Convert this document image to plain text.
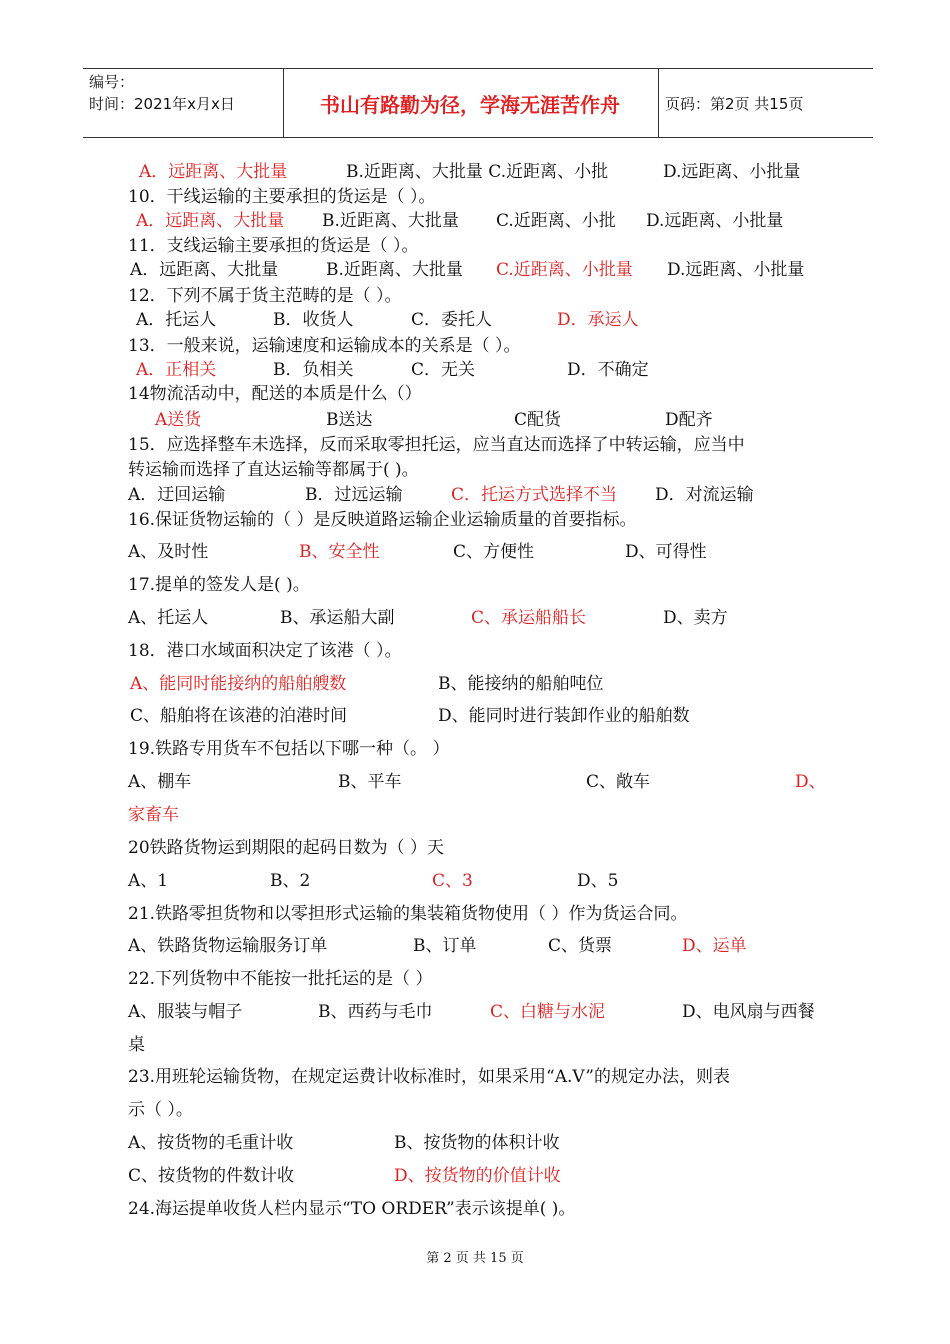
编号：
时间：2021年x月x日	书山有路勤为径，学海无涯苦作舟	页码：第2页 共15页
A．远距离、大批量	B.近距离、大批量 C.近距离、小批	D.远距离、小批量
10．干线运输的主要承担的货运是（ ）。
A．远距离、大批量 B.近距离、大批量 C.近距离、小批 D.远距离、小批量
11．支线运输主要承担的货运是（ ）。
A．远距离、大批量	B.近距离、大批量 C.近距离、小批量 D.远距离、小批量
12．下列不属于货主范畴的是（ ）。
A．托运人	B．收货人	C．委托人	D．承运人
13．一般来说，运输速度和运输成本的关系是（ ）。
A．正相关	B．负相关	C．无关	D．不确定
14物流活动中，配送的本质是什么（）
A送货	B送达	C配货	D配齐
15．应选择整车未选择，反而采取零担托运，应当直达而选择了中转运输，应当中
转运输而选择了直达运输等都属于( )。
A．迂回运输	B．过远运输	C．托运方式选择不当 D．对流运输
16.保证货物运输的（ ）是反映道路运输企业运输质量的首要指标。
A、及时性	B、安全性	C、方便性	D、可得性
17.提单的签发人是( )。
A、托运人	B、承运船大副	C、承运船船长	D、卖方
18．港口水域面积决定了该港（ ）。
A、能同时能接纳的船舶艘数	B、能接纳的船舶吨位
C、船舶将在该港的泊港时间	D、能同时进行装卸作业的船舶数
19.铁路专用货车不包括以下哪一种（。 ）
A、棚车	B、平车	C、敞车	D、
家畜车
20铁路货物运到期限的起码日数为（ ）天
A、1	B、2	C、3	D、5
21.铁路零担货物和以零担形式运输的集装箱货物使用（ ）作为货运合同。
A、铁路货物运输服务订单	B、订单	C、货票	D、运单
22.下列货物中不能按一批托运的是（ ）
A、服装与帽子	B、西药与毛巾	C、白糖与水泥	D、电风扇与西餐
桌
23.用班轮运输货物，在规定运费计收标准时，如果采用“A.V”的规定办法，则表
示（ ）。
A、按货物的毛重计收	B、按货物的体积计收
C、按货物的件数计收	D、按货物的价值计收
24.海运提单收货人栏内显示“TO ORDER”表示该提单( )。
第 2 页 共 15 页
